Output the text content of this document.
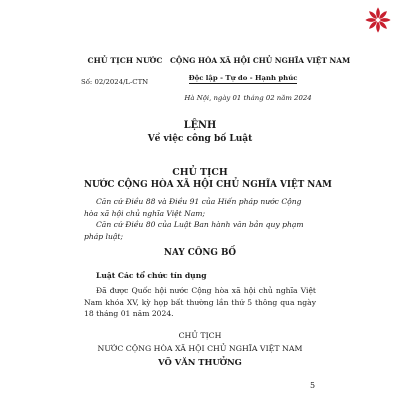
CHỦ TỊCH NƯỚC
Số: 02/2024/L-CTN
CỘNG HÒA XÃ HỘI CHỦ NGHĨA VIỆT NAM
Độc lập - Tự do - Hạnh phúc
Hà Nội, ngày 01 tháng 02 năm 2024
LỆNH
Về việc công bố Luật
CHỦ TỊCH
NƯỚC CỘNG HÒA XÃ HỘI CHỦ NGHĨA VIỆT NAM

Căn cứ Điều 88 và Điều 91 của Hiến pháp nước Cộng hòa xã hội chủ nghĩa Việt Nam;

Căn cứ Điều 80 của Luật Ban hành văn bản quy phạm pháp luật;

NAY CÔNG BỐ
Luật Các tổ chức tín dụng

Đã được Quốc hội nước Cộng hòa xã hội chủ nghĩa Việt Nam khóa XV, kỳ họp bất thường lần thứ 5 thông qua ngày 18 tháng 01 năm 2024.

CHỦ TỊCH
NƯỚC CỘNG HÒA XÃ HỘI CHỦ NGHĨA VIỆT NAM
VÕ VĂN THƯỞNG
5
